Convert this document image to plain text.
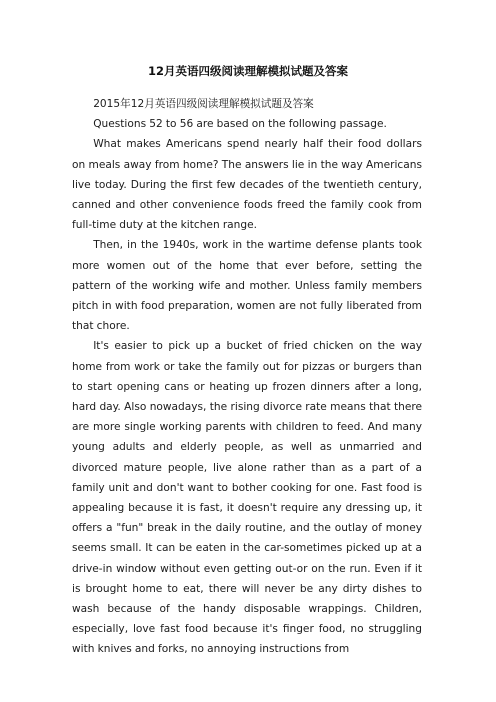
12月英语四级阅读理解模拟试题及答案

2015年12月英语四级阅读理解模拟试题及答案

Questions 52 to 56 are based on the following passage.

What makes Americans spend nearly half their food dollars on meals away from home? The answers lie in the way Americans live today. During the first few decades of the twentieth century, canned and other convenience foods freed the family cook from full-time duty at the kitchen range.

Then, in the 1940s, work in the wartime defense plants took more women out of the home that ever before, setting the pattern of the working wife and mother. Unless family members pitch in with food preparation, women are not fully liberated from that chore.

It's easier to pick up a bucket of fried chicken on the way home from work or take the family out for pizzas or burgers than to start opening cans or heating up frozen dinners after a long, hard day. Also nowadays, the rising divorce rate means that there are more single working parents with children to feed. And many young adults and elderly people, as well as unmarried and divorced mature people, live alone rather than as a part of a family unit and don't want to bother cooking for one. Fast food is appealing because it is fast, it doesn't require any dressing up, it offers a "fun" break in the daily routine, and the outlay of money seems small. It can be eaten in the car-sometimes picked up at a drive-in window without even getting out-or on the run. Even if it is brought home to eat, there will never be any dirty dishes to wash because of the handy disposable wrappings. Children, especially, love fast food because it's finger food, no struggling with knives and forks, no annoying instructions from
